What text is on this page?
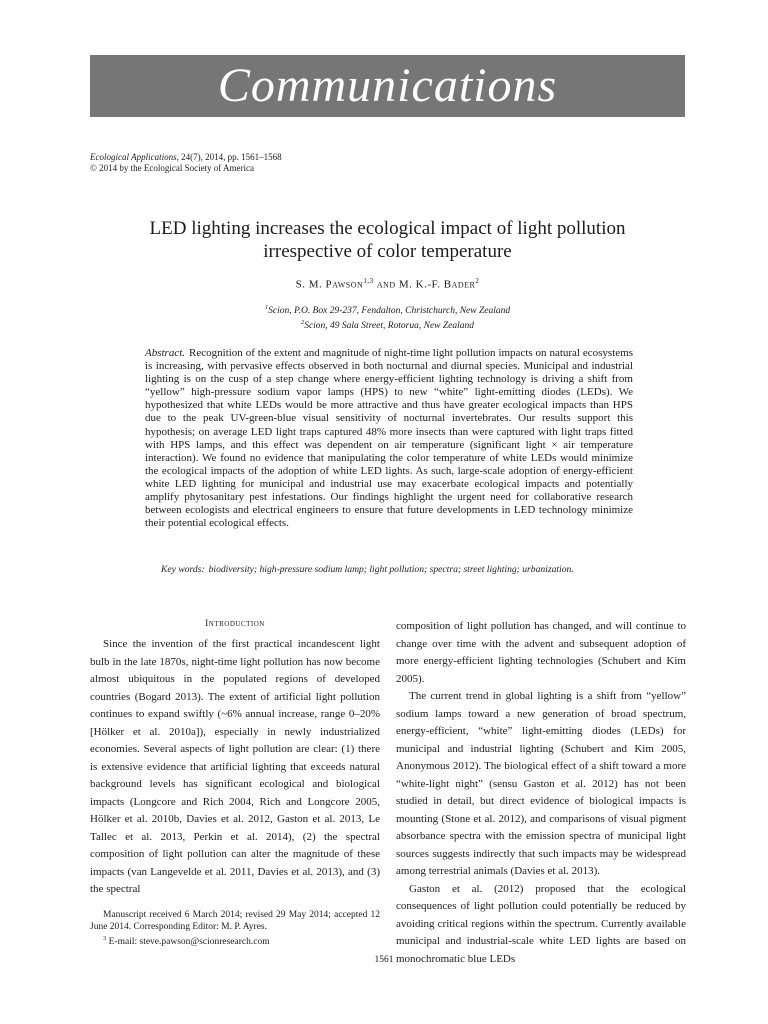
Communications
Ecological Applications, 24(7), 2014, pp. 1561–1568
© 2014 by the Ecological Society of America
LED lighting increases the ecological impact of light pollution
irrespective of color temperature
S. M. Pawson$^{1,3}$ and M. K.-F. Bader$^2$
$^1$Scion, P.O. Box 29-237, Fendalton, Christchurch, New Zealand
$^2$Scion, 49 Sala Street, Rotorua, New Zealand
Abstract. Recognition of the extent and magnitude of night-time light pollution impacts on natural ecosystems is increasing, with pervasive effects observed in both nocturnal and diurnal species. Municipal and industrial lighting is on the cusp of a step change where energy-efficient lighting technology is driving a shift from “yellow” high-pressure sodium vapor lamps (HPS) to new “white” light-emitting diodes (LEDs). We hypothesized that white LEDs would be more attractive and thus have greater ecological impacts than HPS due to the peak UV-green-blue visual sensitivity of nocturnal invertebrates. Our results support this hypothesis; on average LED light traps captured 48% more insects than were captured with light traps fitted with HPS lamps, and this effect was dependent on air temperature (significant light × air temperature interaction). We found no evidence that manipulating the color temperature of white LEDs would minimize the ecological impacts of the adoption of white LED lights. As such, large-scale adoption of energy-efficient white LED lighting for municipal and industrial use may exacerbate ecological impacts and potentially amplify phytosanitary pest infestations. Our findings highlight the urgent need for collaborative research between ecologists and electrical engineers to ensure that future developments in LED technology minimize their potential ecological effects.
Key words: biodiversity; high-pressure sodium lamp; light pollution; spectra; street lighting; urbanization.
Introduction

Since the invention of the first practical incandescent light bulb in the late 1870s, night-time light pollution has now become almost ubiquitous in the populated regions of developed countries (Bogard 2013). The extent of artificial light pollution continues to expand swiftly (~6% annual increase, range 0–20% [Hölker et al. 2010a]), especially in newly industrialized economies. Several aspects of light pollution are clear: (1) there is extensive evidence that artificial lighting that exceeds natural background levels has significant ecological and biological impacts (Longcore and Rich 2004, Rich and Longcore 2005, Hölker et al. 2010b, Davies et al. 2012, Gaston et al. 2013, Le Tallec et al. 2013, Perkin et al. 2014), (2) the spectral composition of light pollution can alter the magnitude of these impacts (van Langevelde et al. 2011, Davies et al. 2013), and (3) the spectral

composition of light pollution has changed, and will continue to change over time with the advent and subsequent adoption of more energy-efficient lighting technologies (Schubert and Kim 2005).

The current trend in global lighting is a shift from “yellow” sodium lamps toward a new generation of broad spectrum, energy-efficient, “white” light-emitting diodes (LEDs) for municipal and industrial lighting (Schubert and Kim 2005, Anonymous 2012). The biological effect of a shift toward a more “white-light night” (sensu Gaston et al. 2012) has not been studied in detail, but direct evidence of biological impacts is mounting (Stone et al. 2012), and comparisons of visual pigment absorbance spectra with the emission spectra of municipal light sources suggests indirectly that such impacts may be widespread among terrestrial animals (Davies et al. 2013).

Gaston et al. (2012) proposed that the ecological consequences of light pollution could potentially be reduced by avoiding critical regions within the spectrum. Currently available municipal and industrial-scale white LED lights are based on monochromatic blue LEDs

Manuscript received 6 March 2014; revised 29 May 2014; accepted 12 June 2014. Corresponding Editor: M. P. Ayres.

$^3$ E-mail: steve.pawson@scionresearch.com

1561
